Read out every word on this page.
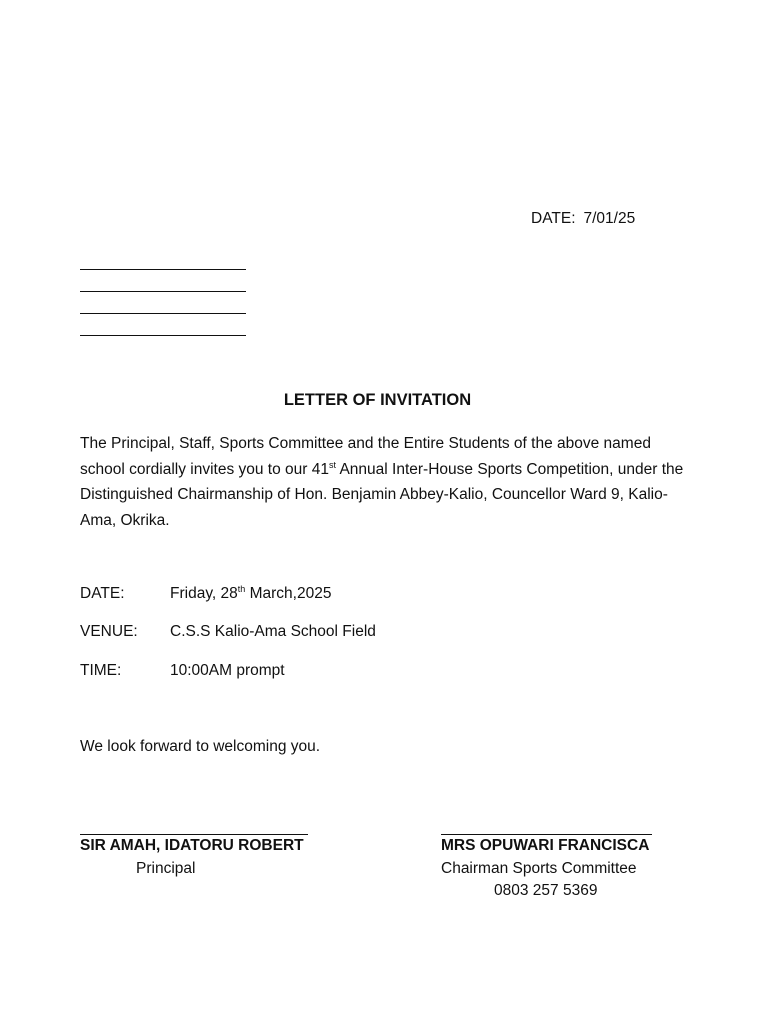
DATE: 7/01/25
LETTER OF INVITATION
The Principal, Staff, Sports Committee and the Entire Students of the above named school cordially invites you to our 41st Annual Inter-House Sports Competition, under the Distinguished Chairmanship of Hon. Benjamin Abbey-Kalio, Councellor Ward 9, Kalio-Ama, Okrika.
DATE:	Friday, 28th March,2025
VENUE: C.S.S Kalio-Ama School Field
TIME:	10:00AM prompt
We look forward to welcoming you.
SIR AMAH, IDATORU ROBERT
Principal
MRS OPUWARI FRANCISCA
Chairman Sports Committee
0803 257 5369
